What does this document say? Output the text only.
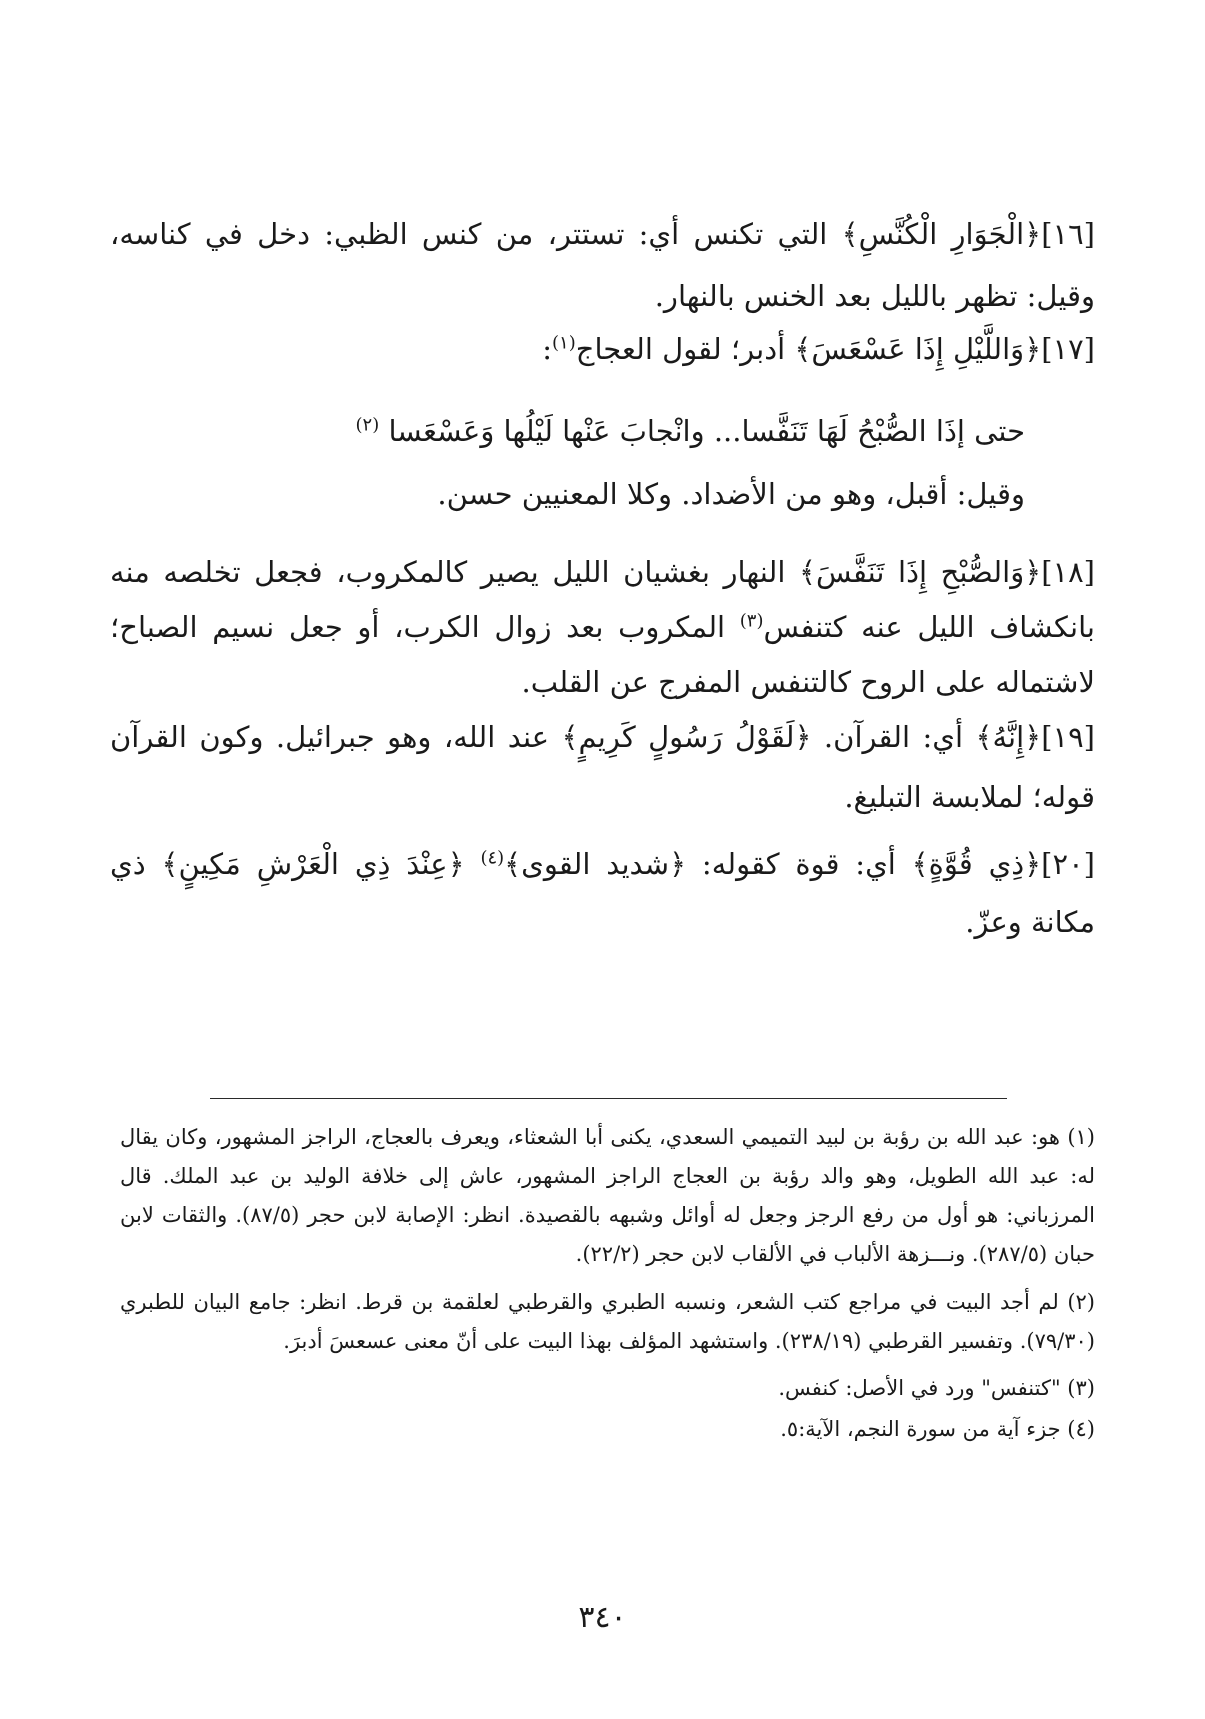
[١٦]﴿الْجَوَارِ الْكُنَّسِ﴾ التي تكنس أي: تستتر، من كنس الظبي: دخل في كناسه، وقيل: تظهر بالليل بعد الخنس بالنهار.
[١٧]﴿وَاللَّيْلِ إِذَا عَسْعَسَ﴾ أدبر؛ لقول العجاج$^{(١)}$:
حتى إذَا الصُّبْحُ لَهَا تَنَفَّسا... وانْجابَ عَنْها لَيْلُها وَعَسْعَسا $^{(٢)}$
وقيل: أقبل، وهو من الأضداد. وكلا المعنيين حسن.
[١٨]﴿وَالصُّبْحِ إِذَا تَنَفَّسَ﴾ النهار بغشيان الليل يصير كالمكروب، فجعل تخلصه منه بانكشاف الليل عنه كتنفس$^{(٣)}$ المكروب بعد زوال الكرب، أو جعل نسيم الصباح؛ لاشتماله على الروح كالتنفس المفرج عن القلب.
[١٩]﴿إِنَّهُ﴾ أي: القرآن. ﴿لَقَوْلُ رَسُولٍ كَرِيمٍ﴾ عند الله، وهو جبرائيل. وكون القرآن قوله؛ لملابسة التبليغ.
[٢٠]﴿ذِي قُوَّةٍ﴾ أي: قوة كقوله: ﴿شديد القوى﴾$^{(٤)}$ ﴿عِنْدَ ذِي الْعَرْشِ مَكِينٍ﴾ ذي مكانة وعزّ.
(١) هو: عبد الله بن رؤبة بن لبيد التميمي السعدي، يكنى أبا الشعثاء، ويعرف بالعجاج، الراجز المشهور، وكان يقال له: عبد الله الطويل، وهو والد رؤبة بن العجاج الراجز المشهور، عاش إلى خلافة الوليد بن عبد الملك. قال المرزباني: هو أول من رفع الرجز وجعل له أوائل وشبهه بالقصيدة. انظر: الإصابة لابن حجر (٨٧/٥). والثقات لابن حبان (٢٨٧/٥). ونـــزهة الألباب في الألقاب لابن حجر (٢٢/٢).
(٢) لم أجد البيت في مراجع كتب الشعر، ونسبه الطبري والقرطبي لعلقمة بن قرط. انظر: جامع البيان للطبري (٧٩/٣٠). وتفسير القرطبي (٢٣٨/١٩). واستشهد المؤلف بهذا البيت على أنّ معنى عسعسَ أدبرَ.
(٣) "كتنفس" ورد في الأصل: كنفس.
(٤) جزء آية من سورة النجم، الآية:٥.
٣٤٠
